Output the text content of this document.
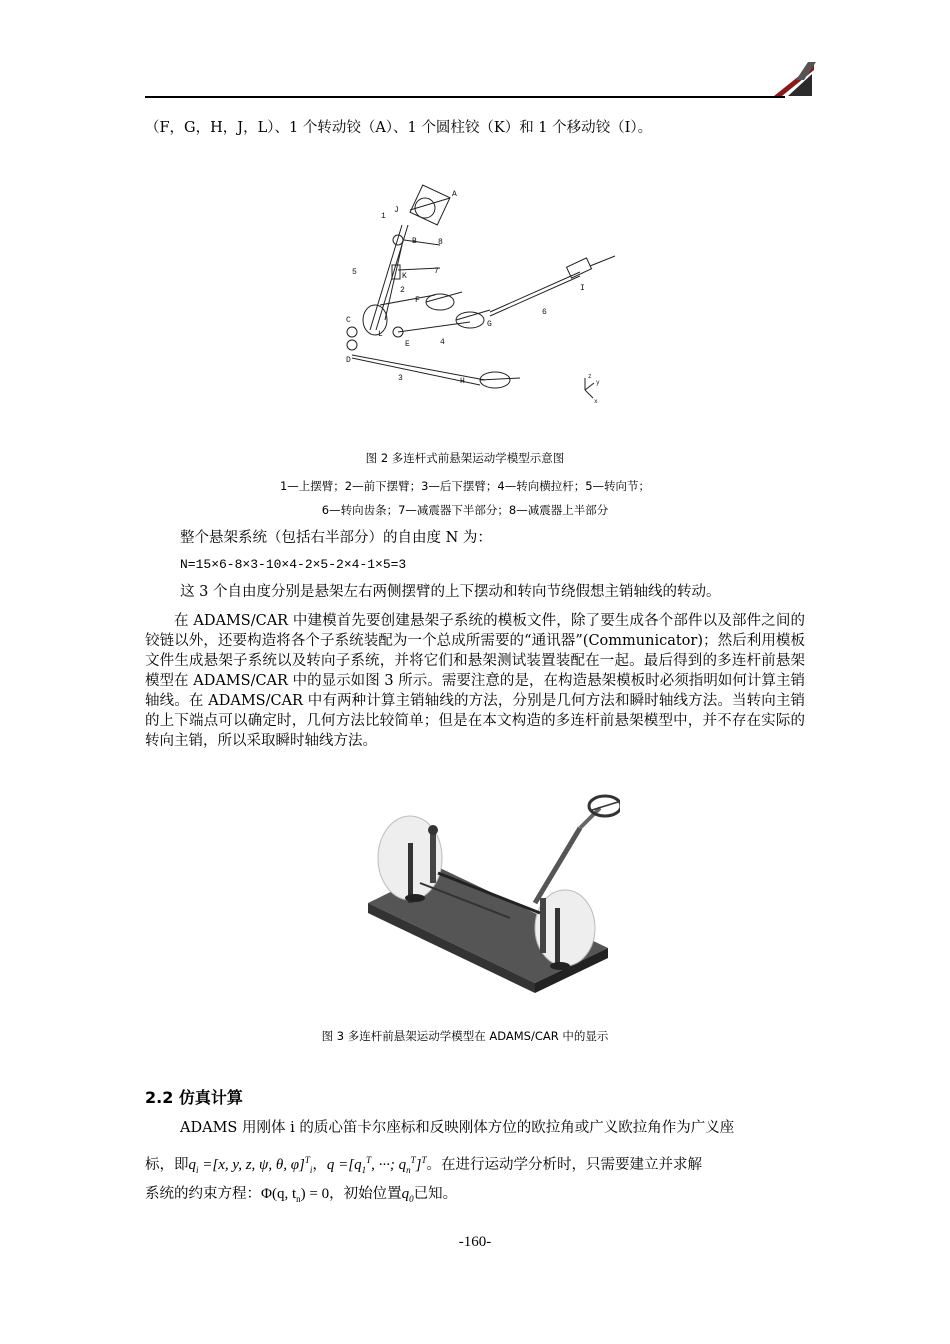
（F，G，H，J，L）、1 个转动铰（A）、1 个圆柱铰（K）和 1 个移动铰（I）。
A
J
1
B	8
5	K
7
2
F
C
L
E
G
4
D
3	H
6
I
z
y
x
图 2 多连杆式前悬架运动学模型示意图
1—上摆臂；2—前下摆臂；3—后下摆臂；4—转向横拉杆；5—转向节；
6—转向齿条；7—减震器下半部分；8—减震器上半部分
整个悬架系统（包括右半部分）的自由度 N 为：
N=15×6-8×3-10×4-2×5-2×4-1×5=3
这 3 个自由度分别是悬架左右两侧摆臂的上下摆动和转向节绕假想主销轴线的转动。
在 ADAMS/CAR 中建模首先要创建悬架子系统的模板文件，除了要生成各个部件以及部件之间的铰链以外，还要构造将各个子系统装配为一个总成所需要的“通讯器”(Communicator)；然后利用模板文件生成悬架子系统以及转向子系统，并将它们和悬架测试装置装配在一起。最后得到的多连杆前悬架模型在 ADAMS/CAR 中的显示如图 3 所示。需要注意的是，在构造悬架模板时必须指明如何计算主销轴线。在 ADAMS/CAR 中有两种计算主销轴线的方法，分别是几何方法和瞬时轴线方法。当转向主销的上下端点可以确定时，几何方法比较简单；但是在本文构造的多连杆前悬架模型中，并不存在实际的转向主销，所以采取瞬时轴线方法。
图 3 多连杆前悬架运动学模型在 ADAMS/CAR 中的显示
2.2 仿真计算
ADAMS 用刚体 i 的质心笛卡尔座标和反映刚体方位的欧拉角或广义欧拉角作为广义座
标，即$q_i =[x$, y, z, ψ, θ, φ]$^T_i$，$q =[q_1^T$, ···; $q_n^T]^T$。在进行运动学分析时，只需要建立并求解
系统的约束方程：Φ(q, $t_n) = 0$，初始位置$q_0$已知。
-160-
